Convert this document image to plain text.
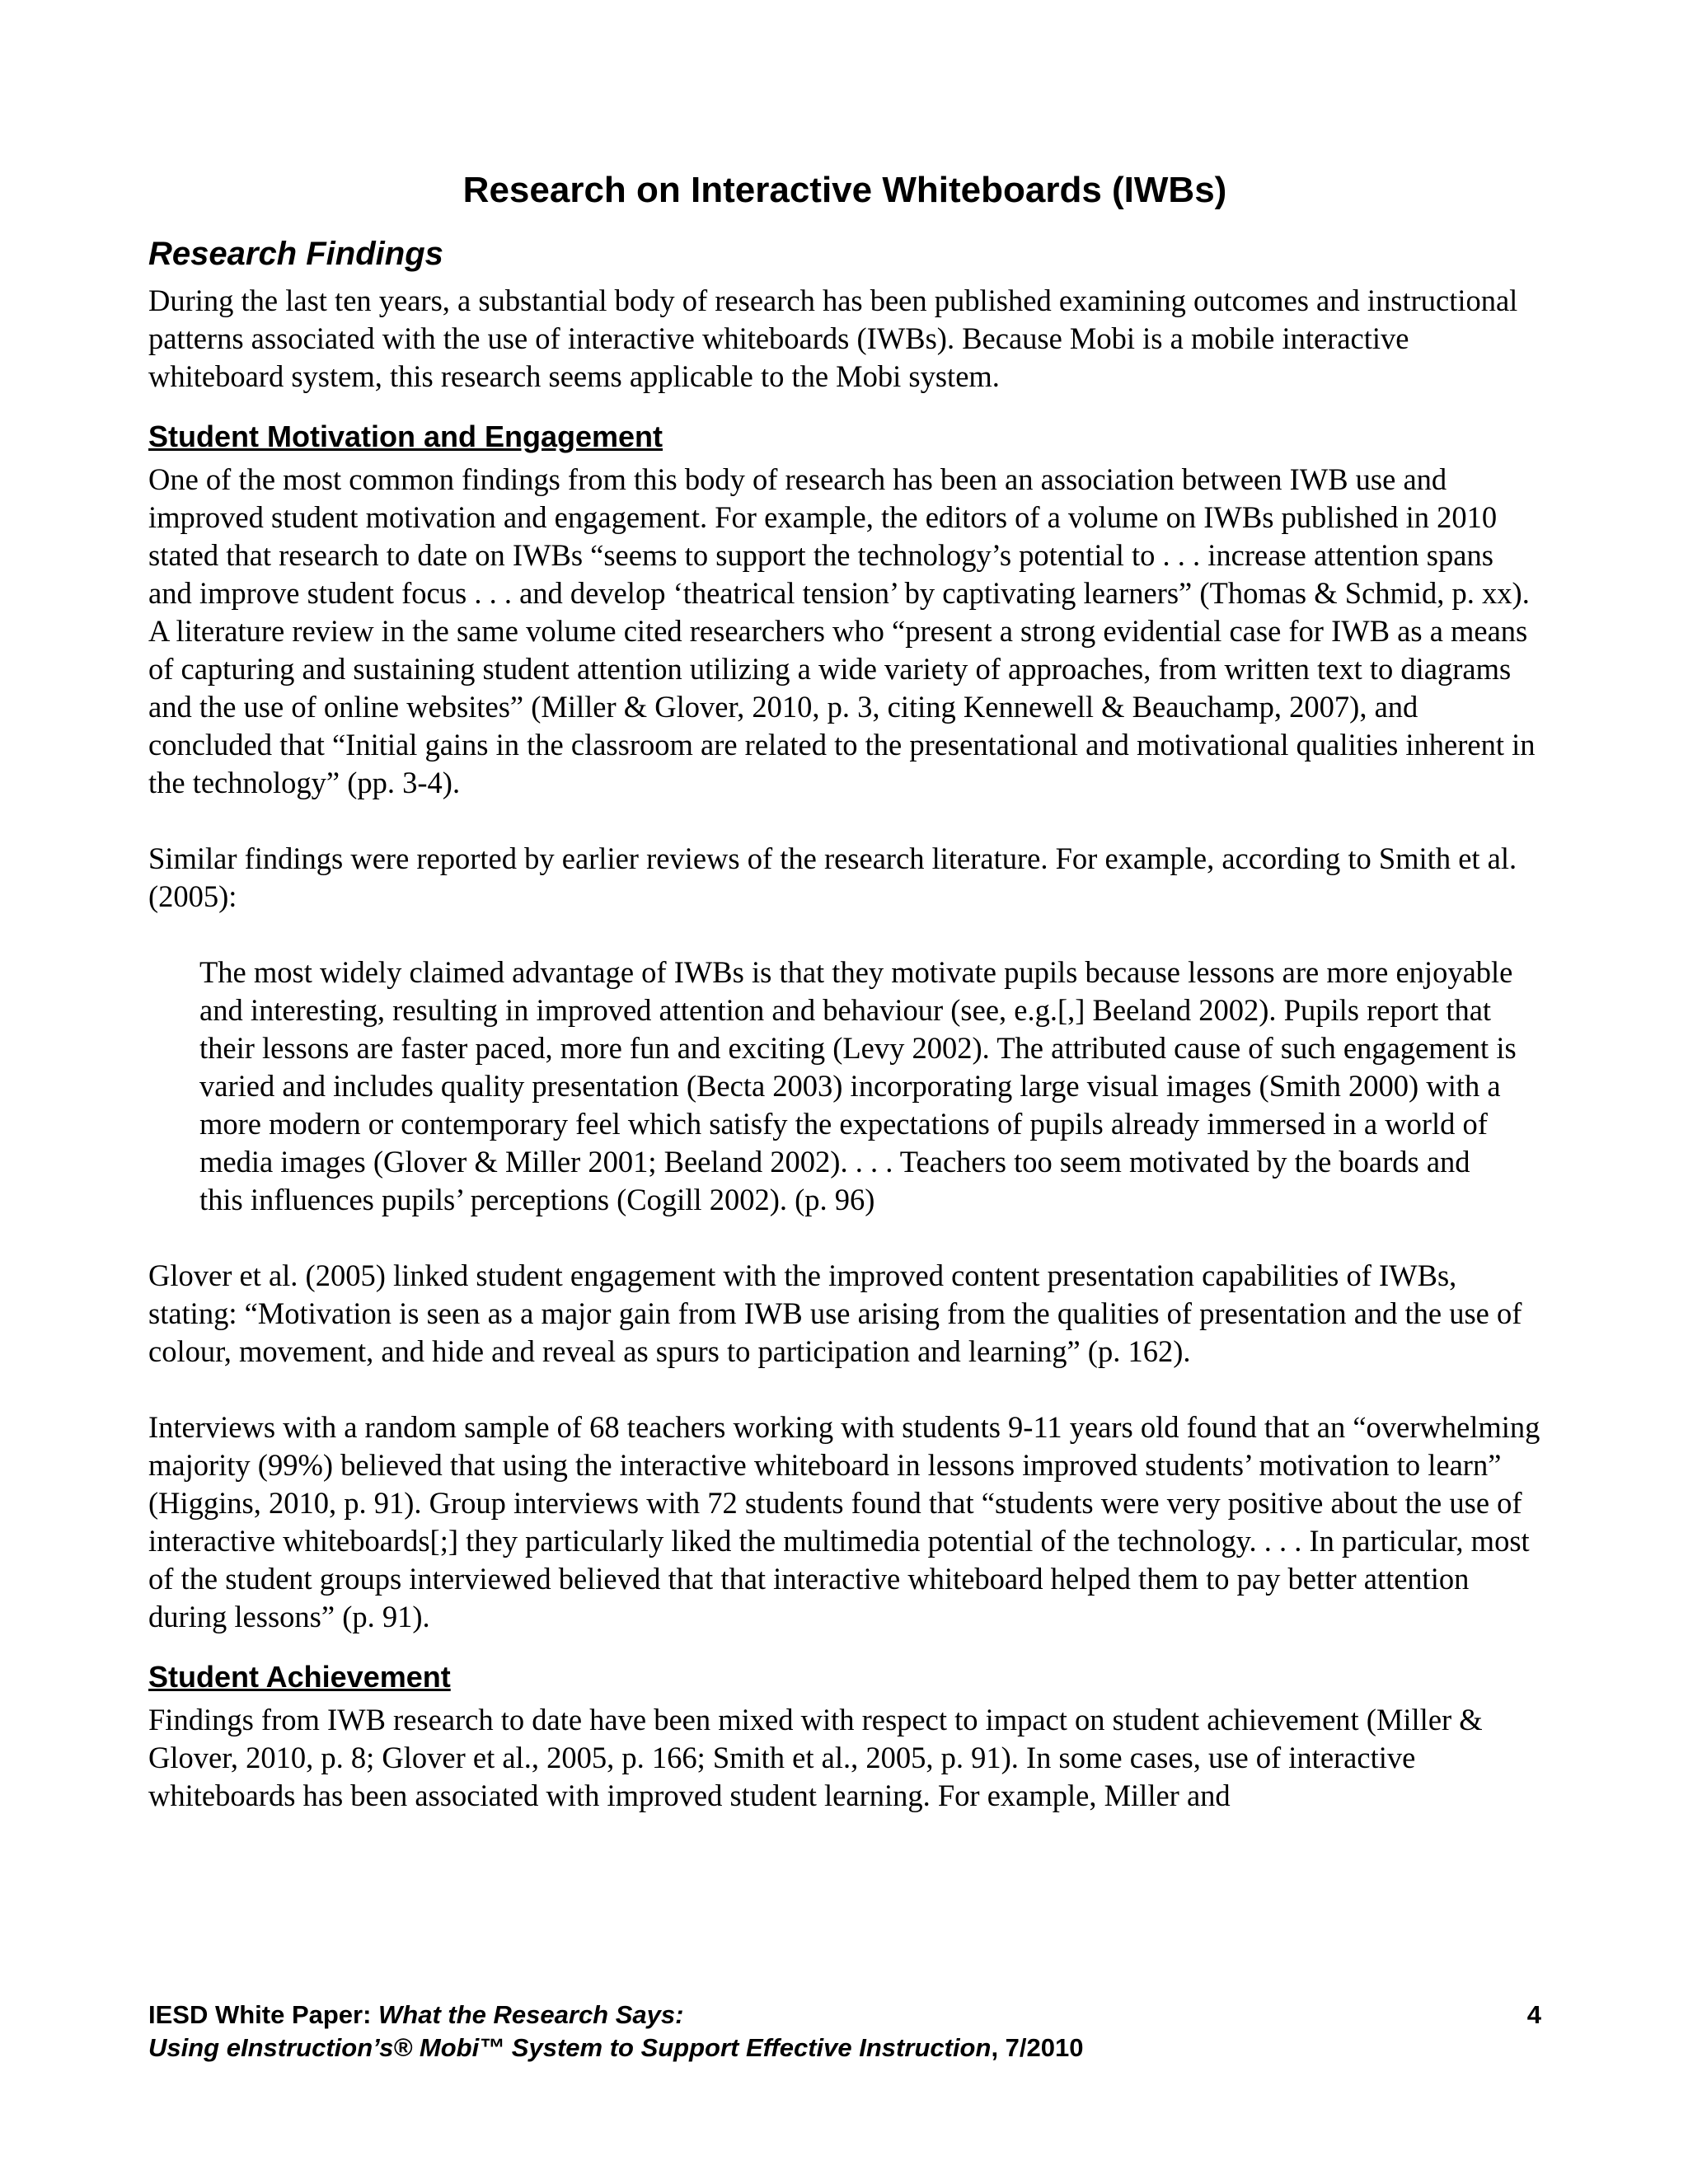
Research on Interactive Whiteboards (IWBs)
Research Findings

During the last ten years, a substantial body of research has been published examining outcomes and instructional patterns associated with the use of interactive whiteboards (IWBs). Because Mobi is a mobile interactive whiteboard system, this research seems applicable to the Mobi system.

Student Motivation and Engagement

One of the most common findings from this body of research has been an association between IWB use and improved student motivation and engagement. For example, the editors of a volume on IWBs published in 2010 stated that research to date on IWBs “seems to support the technology’s potential to . . . increase attention spans and improve student focus . . . and develop ‘theatrical tension’ by captivating learners” (Thomas & Schmid, p. xx). A literature review in the same volume cited researchers who “present a strong evidential case for IWB as a means of capturing and sustaining student attention utilizing a wide variety of approaches, from written text to diagrams and the use of online websites” (Miller & Glover, 2010, p. 3, citing Kennewell & Beauchamp, 2007), and concluded that “Initial gains in the classroom are related to the presentational and motivational qualities inherent in the technology” (pp. 3-4).

Similar findings were reported by earlier reviews of the research literature. For example, according to Smith et al. (2005):

The most widely claimed advantage of IWBs is that they motivate pupils because lessons are more enjoyable and interesting, resulting in improved attention and behaviour (see, e.g.[,] Beeland 2002). Pupils report that their lessons are faster paced, more fun and exciting (Levy 2002). The attributed cause of such engagement is varied and includes quality presentation (Becta 2003) incorporating large visual images (Smith 2000) with a more modern or contemporary feel which satisfy the expectations of pupils already immersed in a world of media images (Glover & Miller 2001; Beeland 2002). . . . Teachers too seem motivated by the boards and this influences pupils’ perceptions (Cogill 2002). (p. 96)

Glover et al. (2005) linked student engagement with the improved content presentation capabilities of IWBs, stating: “Motivation is seen as a major gain from IWB use arising from the qualities of presentation and the use of colour, movement, and hide and reveal as spurs to participation and learning” (p. 162).

Interviews with a random sample of 68 teachers working with students 9-11 years old found that an “overwhelming majority (99%) believed that using the interactive whiteboard in lessons improved students’ motivation to learn” (Higgins, 2010, p. 91). Group interviews with 72 students found that “students were very positive about the use of interactive whiteboards[;] they particularly liked the multimedia potential of the technology. . . . In particular, most of the student groups interviewed believed that that interactive whiteboard helped them to pay better attention during lessons” (p. 91).

Student Achievement

Findings from IWB research to date have been mixed with respect to impact on student achievement (Miller & Glover, 2010, p. 8; Glover et al., 2005, p. 166; Smith et al., 2005, p. 91). In some cases, use of interactive whiteboards has been associated with improved student learning. For example, Miller and

IESD White Paper: What the Research Says:	4
Using eInstruction’s® Mobi™ System to Support Effective Instruction, 7/2010
